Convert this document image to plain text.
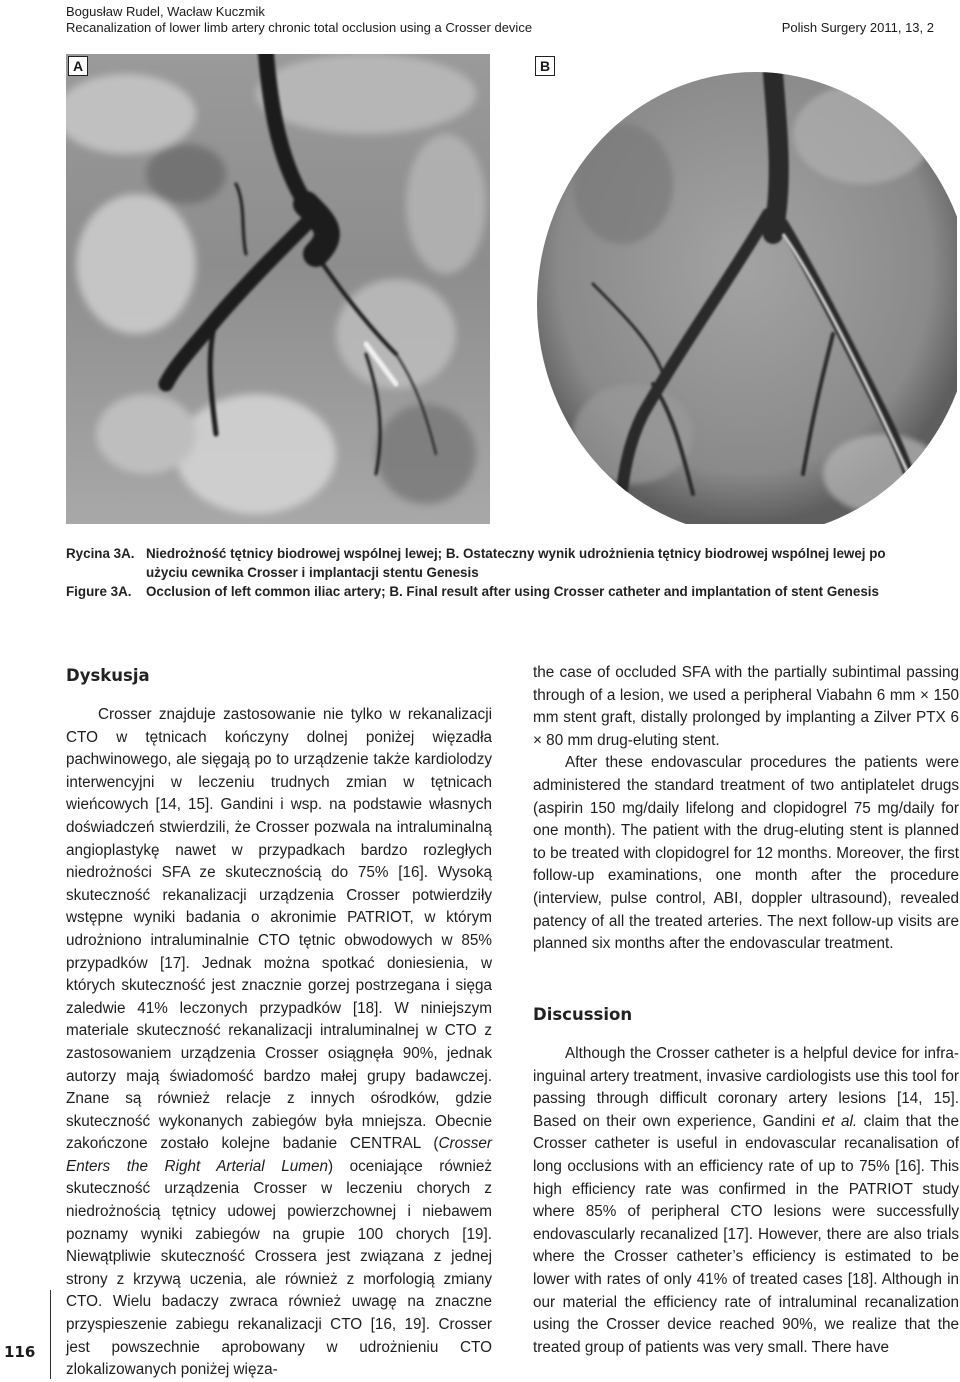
Bogusław Rudel, Wacław Kuczmik
Recanalization of lower limb artery chronic total occlusion using a Crosser device	Polish Surgery 2011, 13, 2
A	B
Rycina 3A. Niedrożność tętnicy biodrowej wspólnej lewej; B. Ostateczny wynik udrożnienia tętnicy biodrowej wspólnej lewej po
użyciu cewnika Crosser i implantacji stentu Genesis
Figure 3A.	Occlusion of left common iliac artery; B. Final result after using Crosser catheter and implantation of stent Genesis
Dyskusja

Crosser znajduje zastosowanie nie tylko w rekanalizacji CTO w tętnicach kończyny dolnej poniżej więzadła pachwinowego, ale sięgają po to urządzenie także kardiolodzy interwencyjni w leczeniu trudnych zmian w tętnicach wieńcowych [14, 15]. Gandini i wsp. na podstawie własnych doświadczeń stwierdzili, że Crosser pozwala na intraluminalną angioplastykę nawet w przypadkach bardzo rozległych niedrożności SFA ze skutecznością do 75% [16]. Wysoką skuteczność rekanalizacji urządzenia Crosser potwierdziły wstępne wyniki badania o akronimie PATRIOT, w którym udrożniono intraluminalnie CTO tętnic obwodowych w 85% przypadków [17]. Jednak można spotkać doniesienia, w których skuteczność jest znacznie gorzej postrzegana i sięga zaledwie 41% leczonych przypadków [18]. W niniejszym materiale skuteczność rekanalizacji intraluminalnej w CTO z zastosowaniem urządzenia Crosser osiągnęła 90%, jednak autorzy mają świadomość bardzo małej grupy badawczej. Znane są również relacje z innych ośrodków, gdzie skuteczność wykonanych zabiegów była mniejsza. Obecnie zakończone zostało kolejne badanie CENTRAL (Crosser Enters the Right Arterial Lumen) oceniające również skuteczność urządzenia Crosser w leczeniu chorych z niedrożnością tętnicy udowej powierzchownej i niebawem poznamy wyniki zabiegów na grupie 100 chorych [19]. Niewątpliwie skuteczność Crossera jest związana z jednej strony z krzywą uczenia, ale również z morfologią zmiany CTO. Wielu badaczy zwraca również uwagę na znaczne przyspieszenie zabiegu rekanalizacji CTO [16, 19]. Crosser jest powszechnie aprobowany w udrożnieniu CTO zlokalizowanych poniżej więza-

the case of occluded SFA with the partially subintimal passing through of a lesion, we used a peripheral Viabahn 6 mm × 150 mm stent graft, distally prolonged by implanting a Zilver PTX 6 × 80 mm drug-eluting stent.

After these endovascular procedures the patients were administered the standard treatment of two antiplatelet drugs (aspirin 150 mg/daily lifelong and clopidogrel 75 mg/daily for one month). The patient with the drug-eluting stent is planned to be treated with clopidogrel for 12 months. Moreover, the first follow-up examinations, one month after the procedure (interview, pulse control, ABI, doppler ultrasound), revealed patency of all the treated arteries. The next follow-up visits are planned six months after the endovascular treatment.

Discussion

Although the Crosser catheter is a helpful device for infra-inguinal artery treatment, invasive cardiologists use this tool for passing through difficult coronary artery lesions [14, 15]. Based on their own experience, Gandini et al. claim that the Crosser catheter is useful in endovascular recanalisation of long occlusions with an efficiency rate of up to 75% [16]. This high efficiency rate was confirmed in the PATRIOT study where 85% of peripheral CTO lesions were successfully endovascularly recanalized [17]. However, there are also trials where the Crosser catheter’s efficiency is estimated to be lower with rates of only 41% of treated cases [18]. Although in our material the efficiency rate of intraluminal recanalization using the Crosser device reached 90%, we realize that the treated group of patients was very small. There have

116
